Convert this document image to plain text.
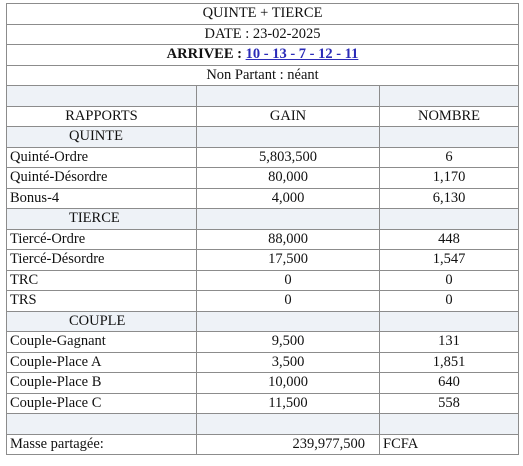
QUINTE + TIERCE		
DATE : 23-02-2025		
ARRIVEE : 10 - 13 - 7 - 12 - 11		
Non Partant : néant		

RAPPORTS	GAIN	NOMBRE
QUINTE		
Quinté-Ordre	5,803,500	6
Quinté-Désordre	80,000	1,170
Bonus-4	4,000	6,130
TIERCE		
Tiercé-Ordre	88,000	448
Tiercé-Désordre	17,500	1,547
TRC	0	0
TRS	0	0
COUPLE		
Couple-Gagnant	9,500	131
Couple-Place A	3,500	1,851
Couple-Place B	10,000	640
Couple-Place C	11,500	558

Masse partagée:	239,977,500	FCFA
